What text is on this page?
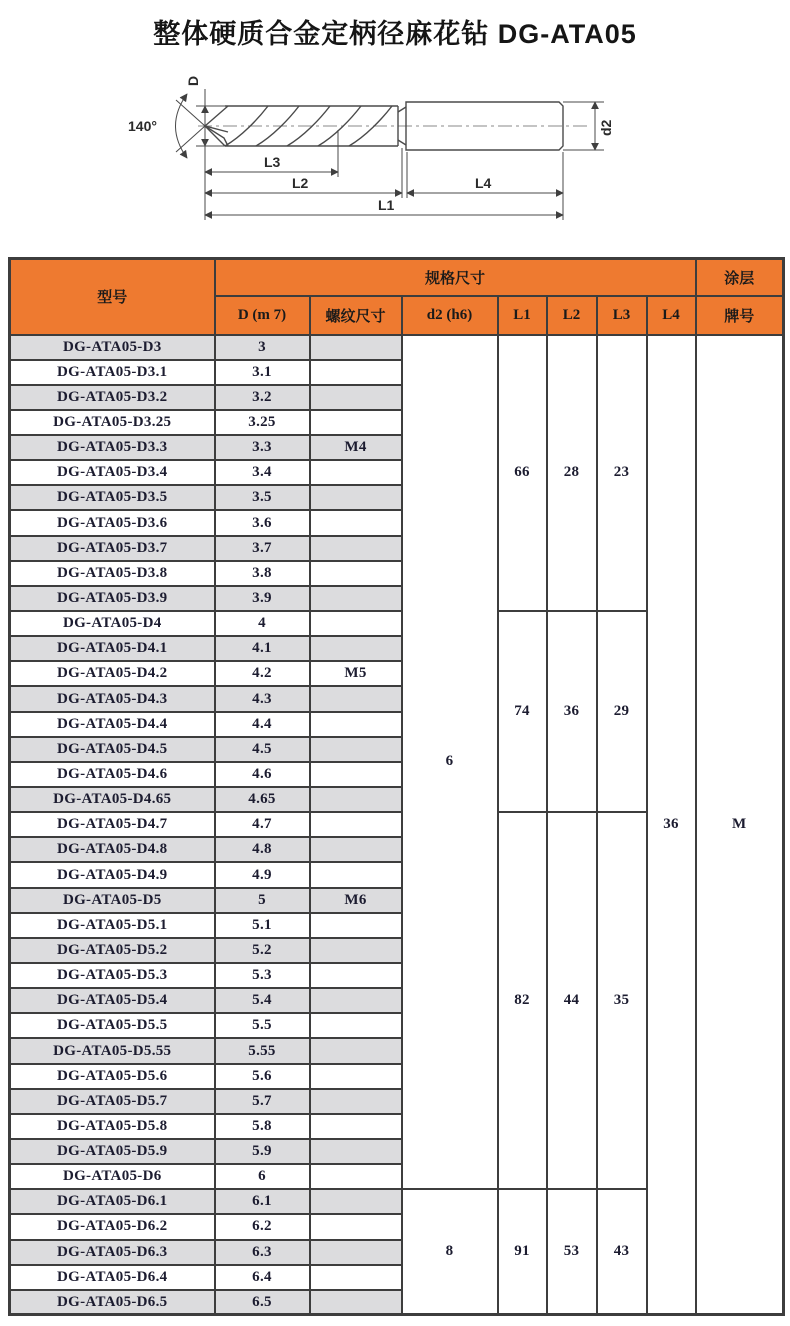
整体硬质合金定柄径麻花钻 DG-ATA05
D
140°
L3
L2	L4
L1
d2
型号	规格尺寸							涂层
	D (m 7)	螺纹尺寸	d2 (h6)	L1	L2	L3	L4	牌号
DG-ATA05-D3	3		6	66	28	23	36	M
DG-ATA05-D3.1	3.1							
DG-ATA05-D3.2	3.2							
DG-ATA05-D3.25	3.25							
DG-ATA05-D3.3	3.3	M4						
DG-ATA05-D3.4	3.4							
DG-ATA05-D3.5	3.5							
DG-ATA05-D3.6	3.6							
DG-ATA05-D3.7	3.7							
DG-ATA05-D3.8	3.8							
DG-ATA05-D3.9	3.9							
DG-ATA05-D4	4			74	36	29		
DG-ATA05-D4.1	4.1							
DG-ATA05-D4.2	4.2	M5						
DG-ATA05-D4.3	4.3							
DG-ATA05-D4.4	4.4							
DG-ATA05-D4.5	4.5							
DG-ATA05-D4.6	4.6							
DG-ATA05-D4.65	4.65							
DG-ATA05-D4.7	4.7			82	44	35		
DG-ATA05-D4.8	4.8							
DG-ATA05-D4.9	4.9							
DG-ATA05-D5	5	M6						
DG-ATA05-D5.1	5.1							
DG-ATA05-D5.2	5.2							
DG-ATA05-D5.3	5.3							
DG-ATA05-D5.4	5.4							
DG-ATA05-D5.5	5.5							
DG-ATA05-D5.55	5.55							
DG-ATA05-D5.6	5.6							
DG-ATA05-D5.7	5.7							
DG-ATA05-D5.8	5.8							
DG-ATA05-D5.9	5.9							
DG-ATA05-D6	6							
DG-ATA05-D6.1	6.1		8	91	53	43		
DG-ATA05-D6.2	6.2							
DG-ATA05-D6.3	6.3							
DG-ATA05-D6.4	6.4							
DG-ATA05-D6.5	6.5							
